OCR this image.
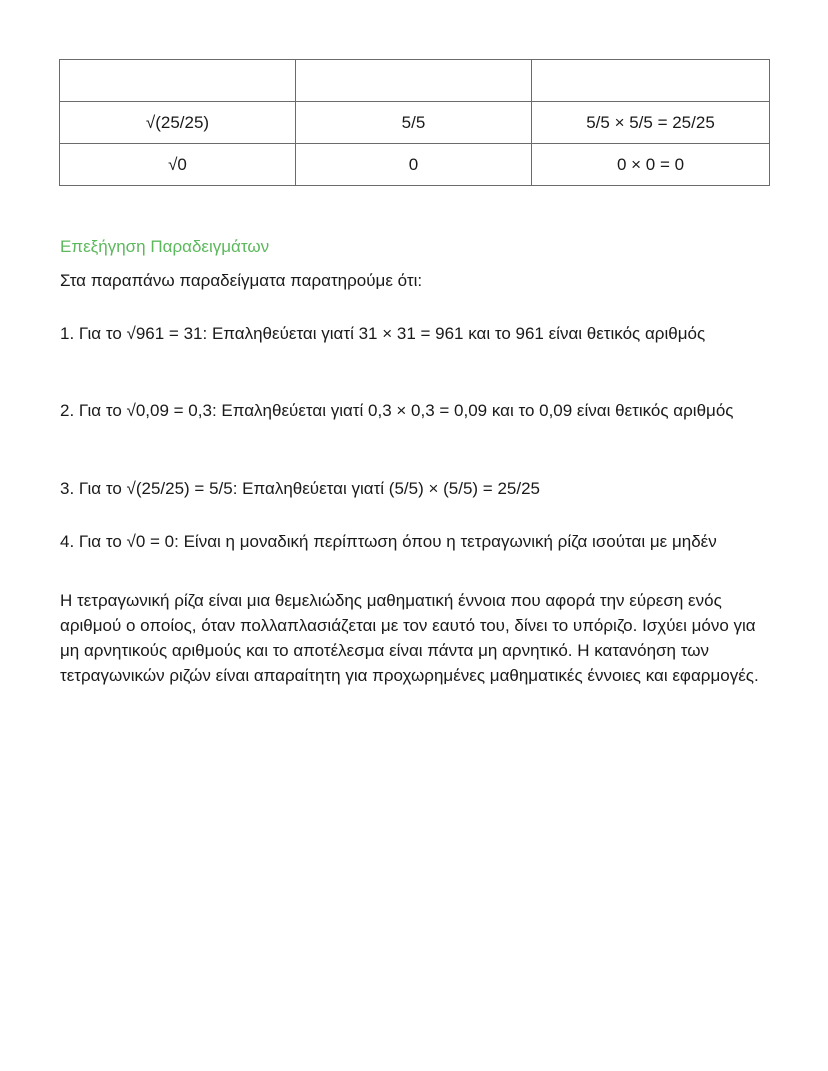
√(25/25)	5/5	5/5 × 5/5 = 25/25
√0	0	0 × 0 = 0
Επεξήγηση Παραδειγμάτων

Στα παραπάνω παραδείγματα παρατηρούμε ότι:

1. Για το √961 = 31: Επαληθεύεται γιατί 31 × 31 = 961 και το 961 είναι θετικός αριθμός

2. Για το √0,09 = 0,3: Επαληθεύεται γιατί 0,3 × 0,3 = 0,09 και το 0,09 είναι θετικός αριθμός

3. Για το √(25/25) = 5/5: Επαληθεύεται γιατί (5/5) × (5/5) = 25/25

4. Για το √0 = 0: Είναι η μοναδική περίπτωση όπου η τετραγωνική ρίζα ισούται με μηδέν

Η τετραγωνική ρίζα είναι μια θεμελιώδης μαθηματική έννοια που αφορά την εύρεση ενός αριθμού ο οποίος, όταν πολλαπλασιάζεται με τον εαυτό του, δίνει το υπόριζο. Ισχύει μόνο για μη αρνητικούς αριθμούς και το αποτέλεσμα είναι πάντα μη αρνητικό. Η κατανόηση των τετραγωνικών ριζών είναι απαραίτητη για προχωρημένες μαθηματικές έννοιες και εφαρμογές.
